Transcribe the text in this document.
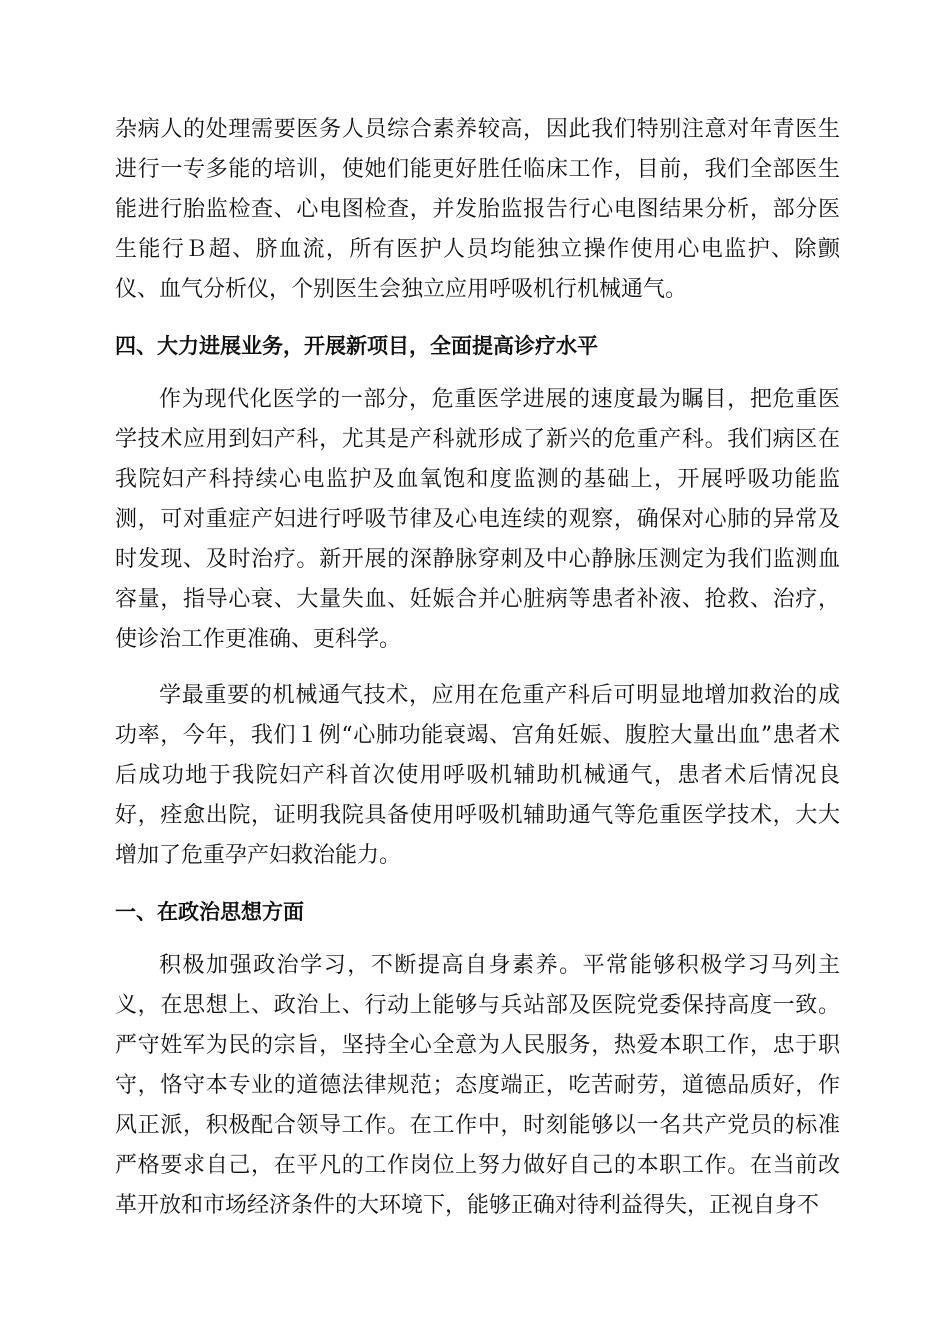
杂病人的处理需要医务人员综合素养较高，因此我们特别注意对年青医生进行一专多能的培训，使她们能更好胜任临床工作，目前，我们全部医生能进行胎监检查、心电图检查，并发胎监报告行心电图结果分析，部分医生能行Ｂ超、脐血流，所有医护人员均能独立操作使用心电监护、除颤仪、血气分析仪，个别医生会独立应用呼吸机行机械通气。

四、大力进展业务，开展新项目，全面提高诊疗水平

作为现代化医学的一部分，危重医学进展的速度最为瞩目，把危重医学技术应用到妇产科，尤其是产科就形成了新兴的危重产科。我们病区在我院妇产科持续心电监护及血氧饱和度监测的基础上，开展呼吸功能监测，可对重症产妇进行呼吸节律及心电连续的观察，确保对心肺的异常及时发现、及时治疗。新开展的深静脉穿刺及中心静脉压测定为我们监测血容量，指导心衰、大量失血、妊娠合并心脏病等患者补液、抢救、治疗，使诊治工作更准确、更科学。

学最重要的机械通气技术，应用在危重产科后可明显地增加救治的成功率，今年，我们１例“心肺功能衰竭、宫角妊娠、腹腔大量出血”患者术后成功地于我院妇产科首次使用呼吸机辅助机械通气，患者术后情况良好，痊愈出院，证明我院具备使用呼吸机辅助通气等危重医学技术，大大增加了危重孕产妇救治能力。

一、在政治思想方面

积极加强政治学习，不断提高自身素养。平常能够积极学习马列主义，在思想上、政治上、行动上能够与兵站部及医院党委保持高度一致。严守姓军为民的宗旨，坚持全心全意为人民服务，热爱本职工作，忠于职守，恪守本专业的道德法律规范；态度端正，吃苦耐劳，道德品质好，作风正派，积极配合领导工作。在工作中，时刻能够以一名共产党员的标准严格要求自己，在平凡的工作岗位上努力做好自己的本职工作。在当前改革开放和市场经济条件的大环境下，能够正确对待利益得失，正视自身不
